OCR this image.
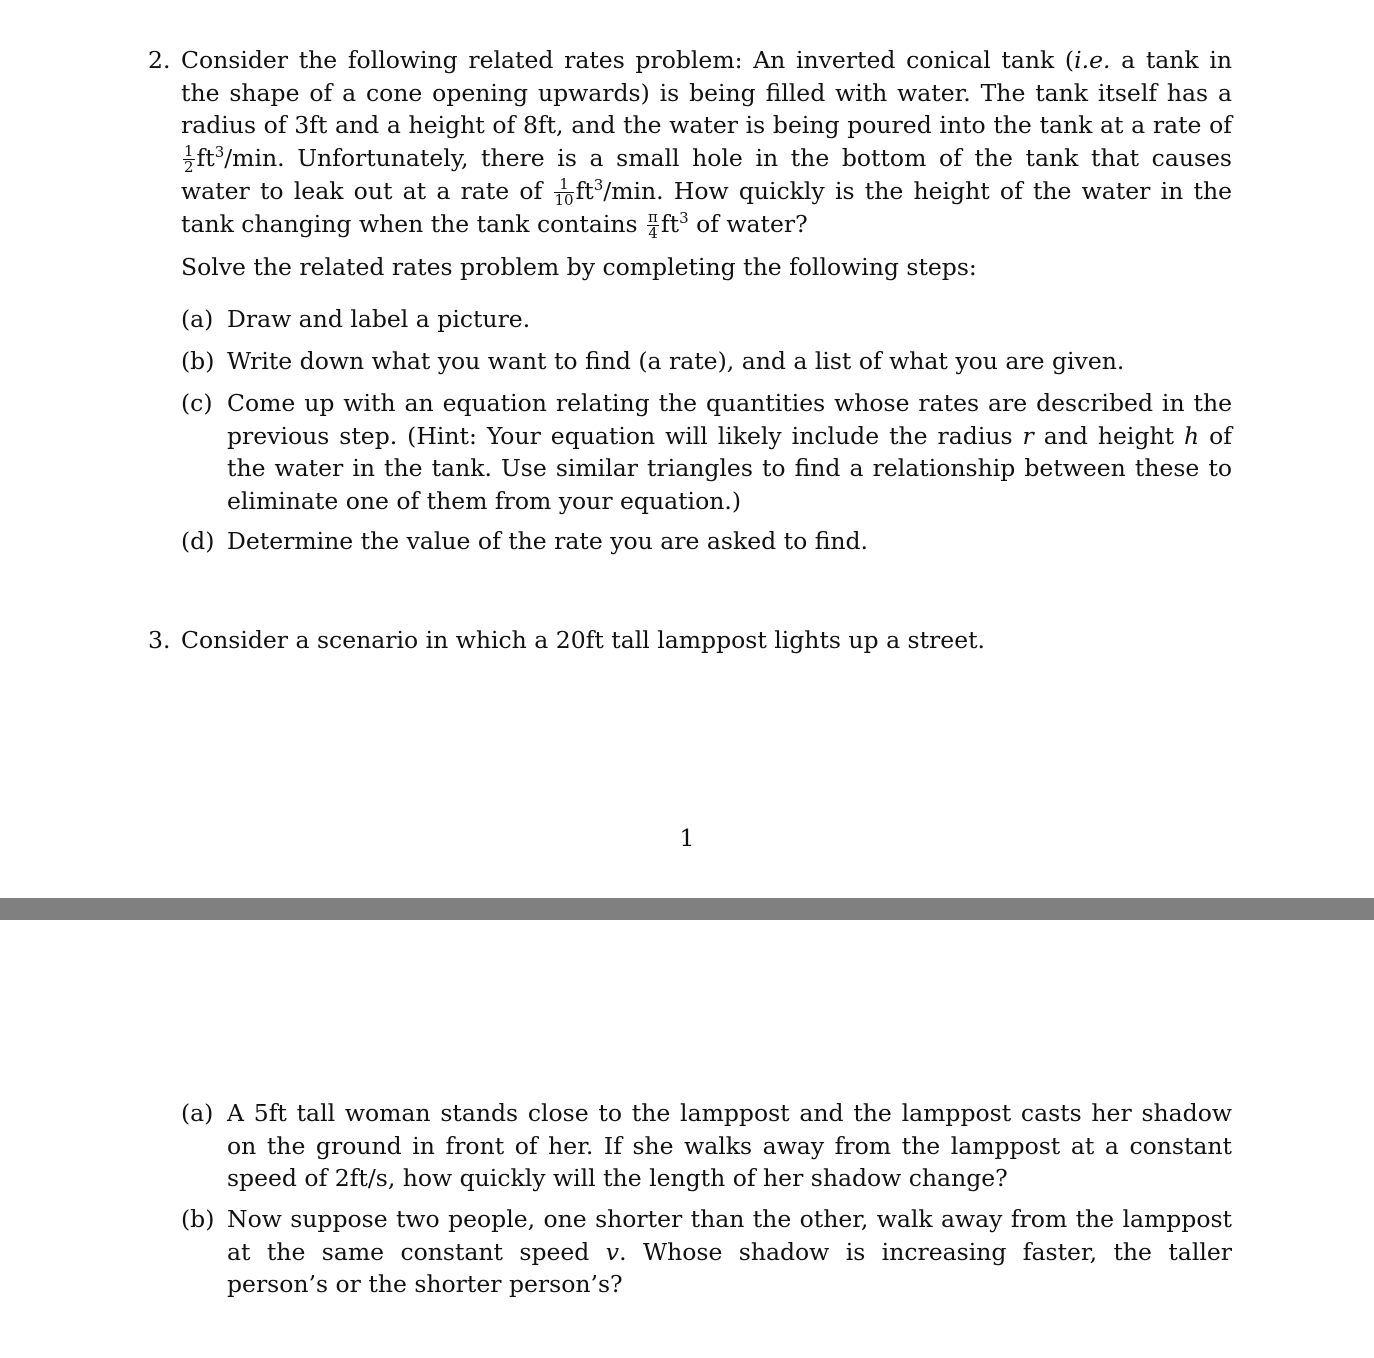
2. Consider the following related rates problem: An inverted conical tank (i.e. a tank in the shape of a cone opening upwards) is being filled with water. The tank itself has a radius of 3ft and a height of 8ft, and the water is being poured into the tank at a rate of
$\frac{1}{2} ft^3/\min$. Unfortunately, there is a small hole in the bottom of the tank that causes water to leak out at a rate of $\frac{1}{10} ft^3/\min$. How quickly is the height of the water in the tank changing when the tank contains $\frac{\pi}{4} ft^3$ of water?
Solve the related rates problem by completing the following steps:
(a) Draw and label a picture.
(b) Write down what you want to find (a rate), and a list of what you are given.
(c) Come up with an equation relating the quantities whose rates are described in the previous step. (Hint: Your equation will likely include the radius r and height h of the water in the tank. Use similar triangles to find a relationship between these to eliminate one of them from your equation.)
(d) Determine the value of the rate you are asked to find.
3. Consider a scenario in which a 20ft tall lamppost lights up a street.
1
(a) A 5ft tall woman stands close to the lamppost and the lamppost casts her shadow on the ground in front of her. If she walks away from the lamppost at a constant speed of 2ft/s, how quickly will the length of her shadow change?
(b) Now suppose two people, one shorter than the other, walk away from the lamppost at the same constant speed v. Whose shadow is increasing faster, the taller person’s or the shorter person’s?
